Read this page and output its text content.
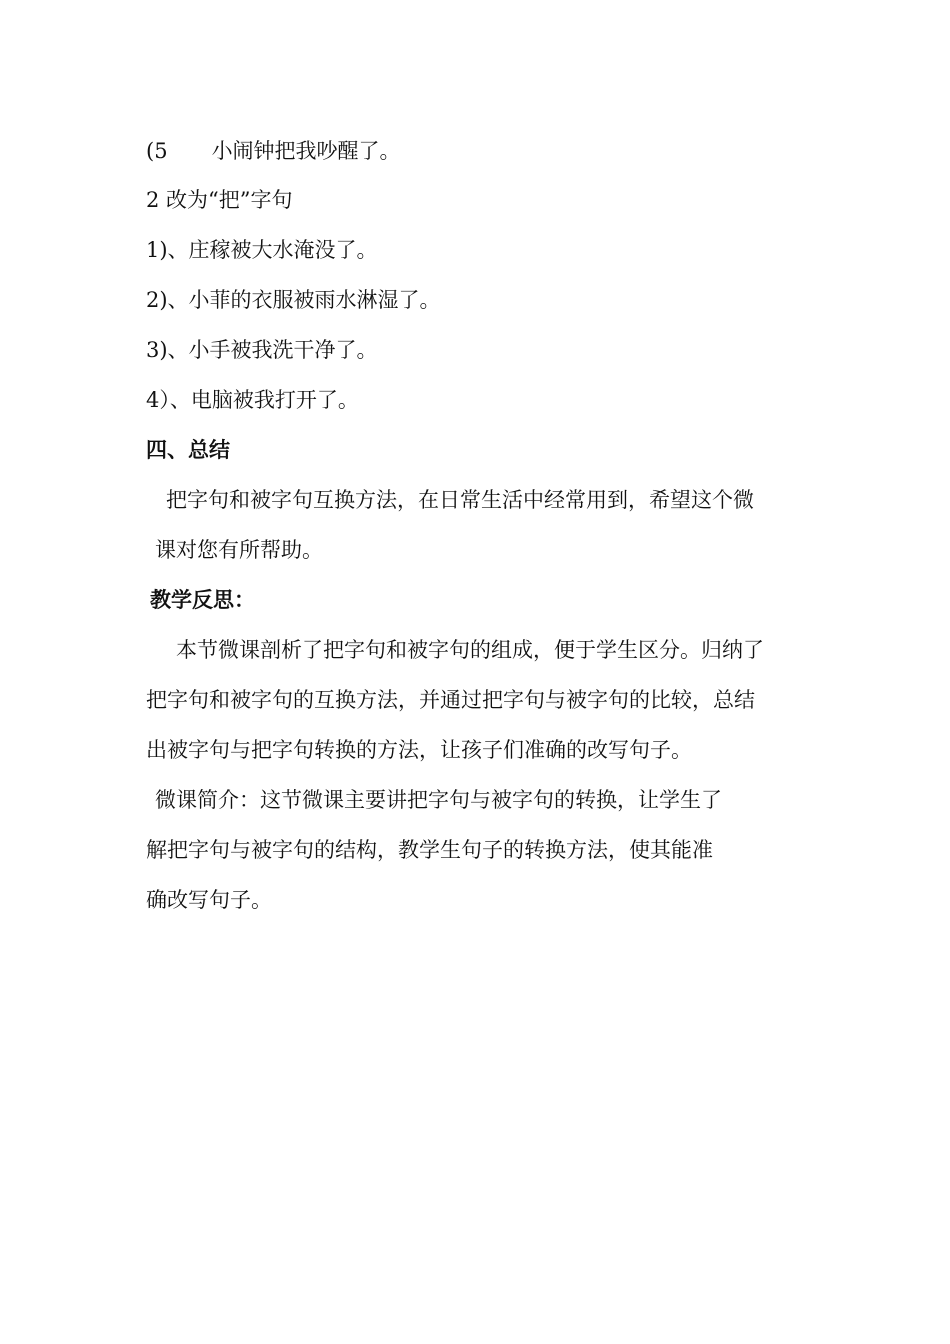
(5 小闹钟把我吵醒了。
2 改为“把”字句
1)、庄稼被大水淹没了。
2)、小菲的衣服被雨水淋湿了。
3)、小手被我洗干净了。
4）、电脑被我打开了。
四、总结
把字句和被字句互换方法，在日常生活中经常用到，希望这个微
课对您有所帮助。
教学反思：
本节微课剖析了把字句和被字句的组成，便于学生区分。归纳了
把字句和被字句的互换方法，并通过把字句与被字句的比较，总结
出被字句与把字句转换的方法，让孩子们准确的改写句子。
微课简介：这节微课主要讲把字句与被字句的转换，让学生了
解把字句与被字句的结构，教学生句子的转换方法，使其能准
确改写句子。
